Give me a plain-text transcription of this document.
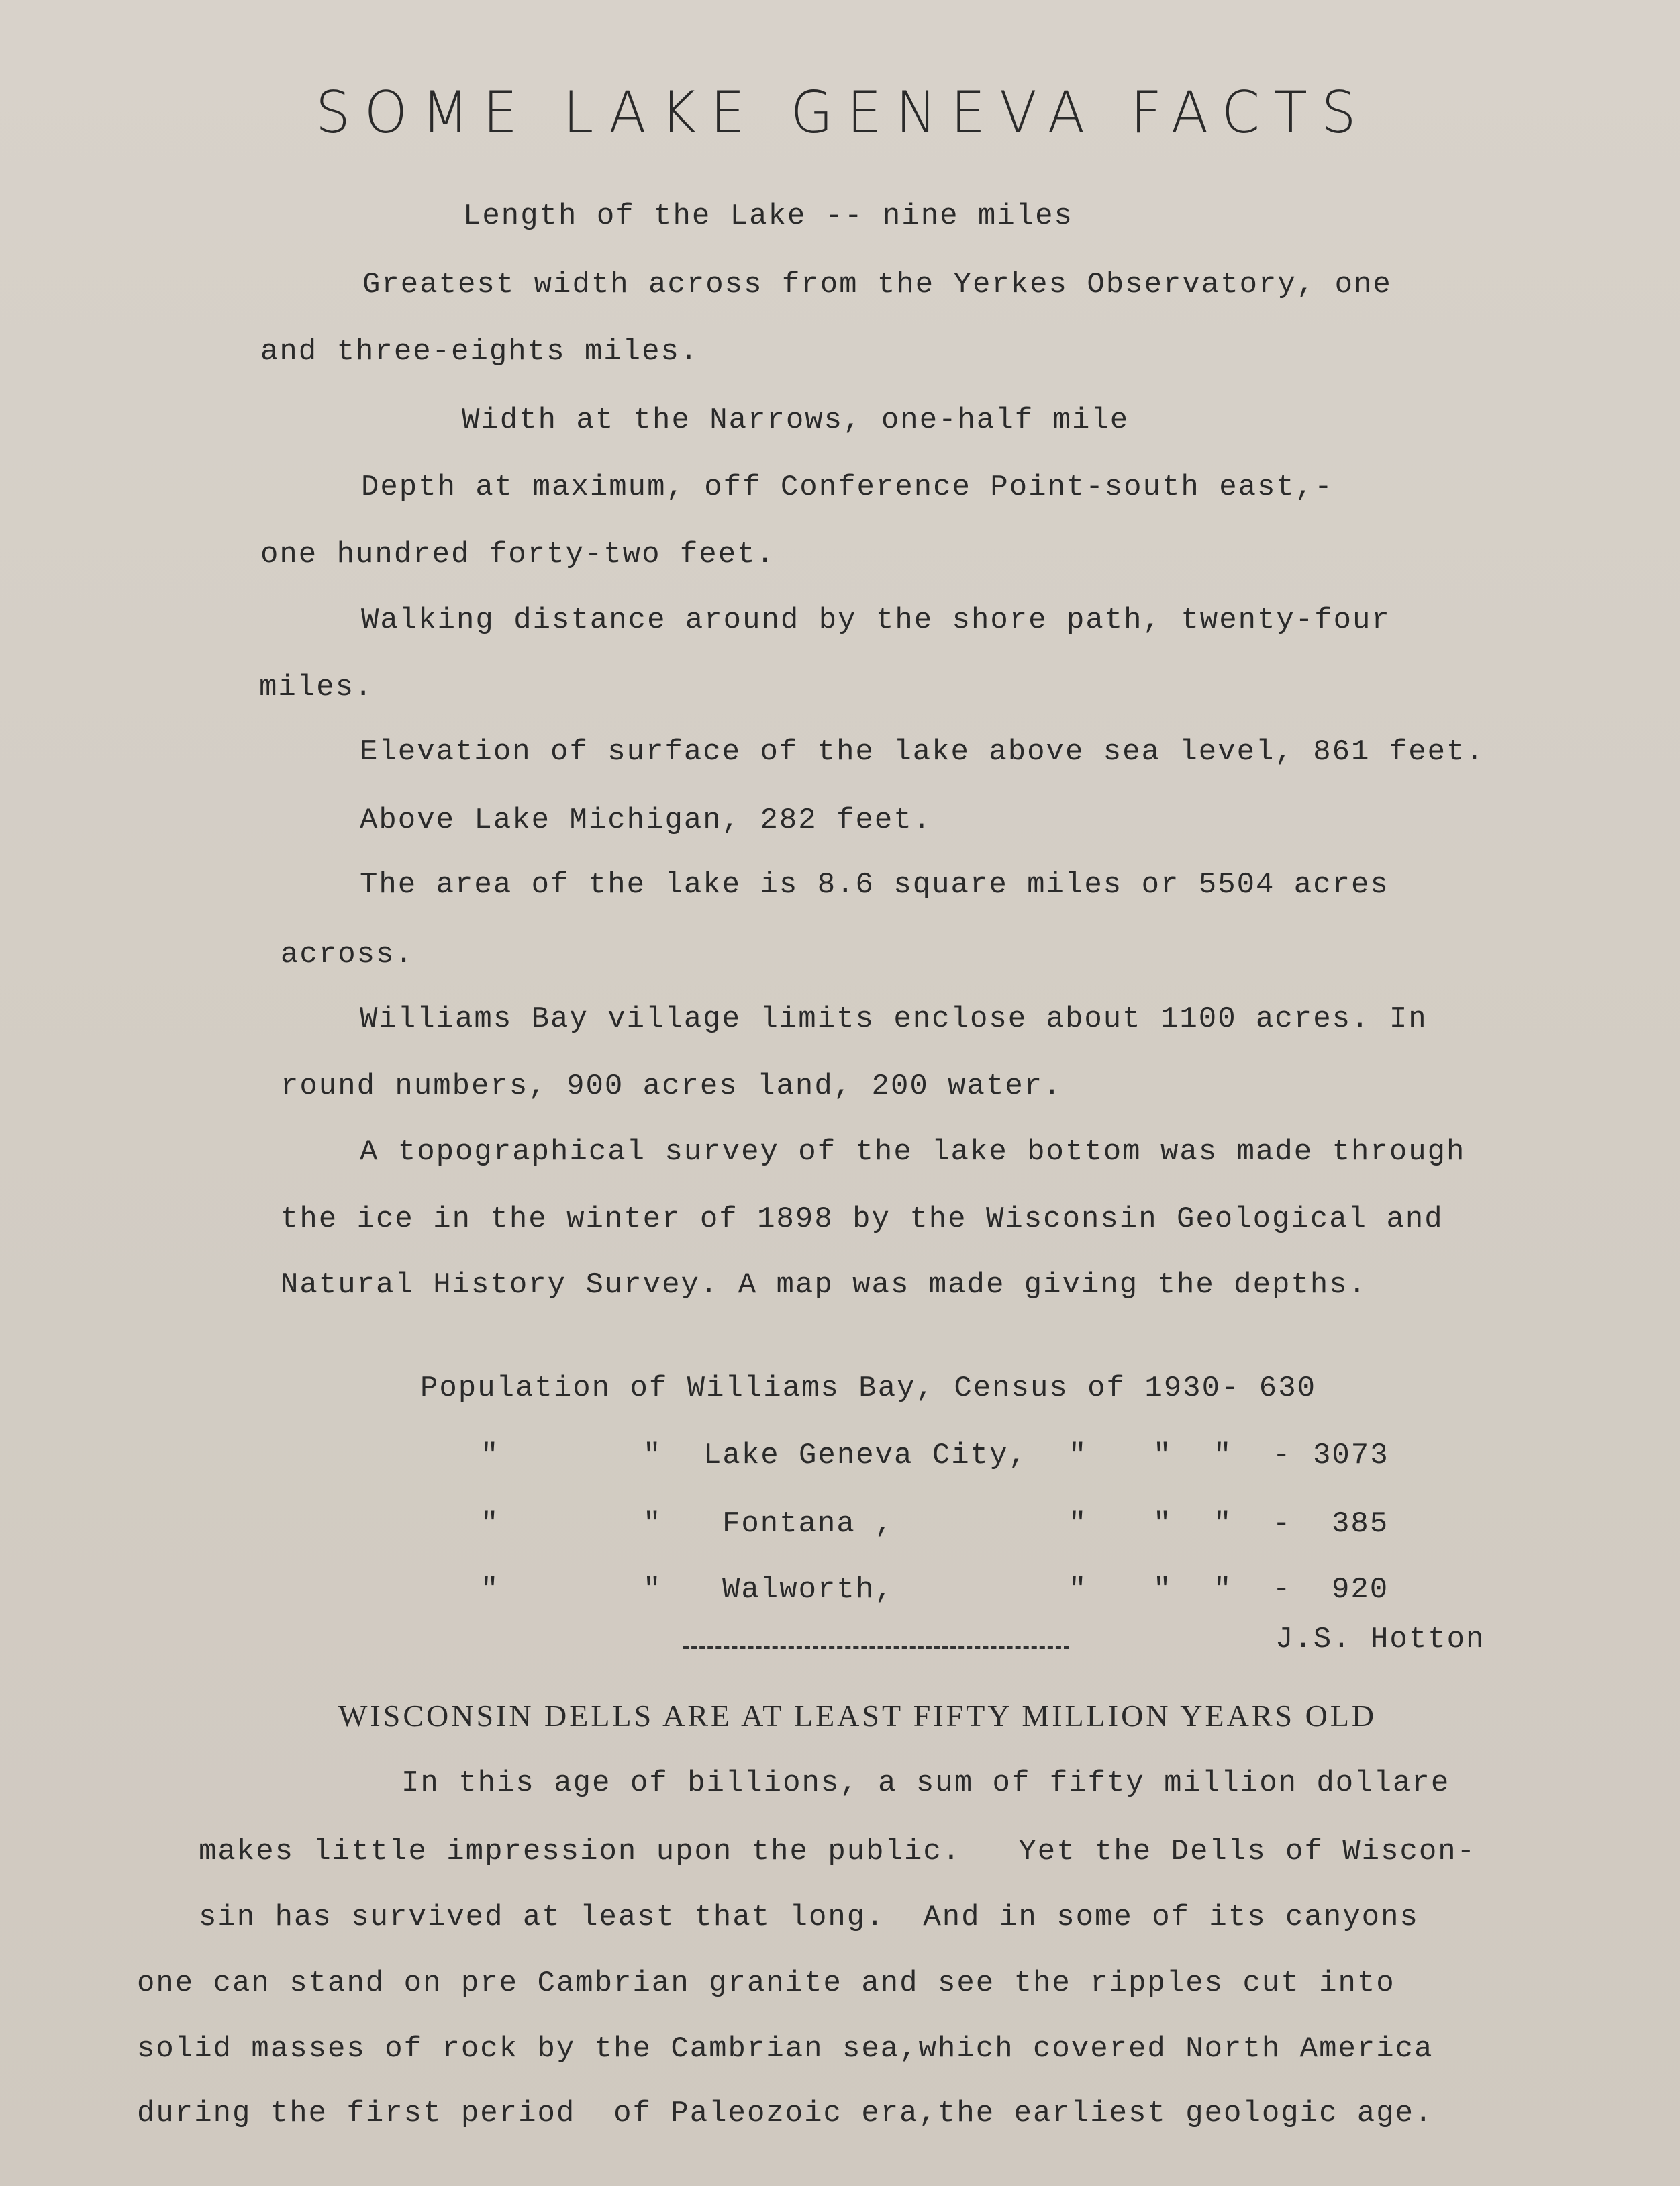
SOME LAKE GENEVA FACTS
Length of the Lake -- nine miles
Greatest width across from the Yerkes Observatory, one
and three-eights miles.
Width at the Narrows, one-half mile
Depth at maximum, off Conference Point-south east,-
one hundred forty-two feet.
Walking distance around by the shore path, twenty-four
miles.
Elevation of surface of the lake above sea level, 861 feet.
Above Lake Michigan, 282 feet.
The area of the lake is 8.6 square miles or 5504 acres
across.
Williams Bay village limits enclose about 1100 acres. In
round numbers, 900 acres land, 200 water.
A topographical survey of the lake bottom was made through
the ice in the winter of 1898 by the Wisconsin Geological and
Natural History Survey. A map was made giving the depths.
Population of Williams Bay, Census of 1930- 630
"	" Lake Geneva City, " " " - 3073
"	" Fontana ,	" " " - 385
"	" Walworth,	" " " - 920
J.S. Hotton
WISCONSIN DELLS ARE AT LEAST FIFTY MILLION YEARS OLD
In this age of billions, a sum of fifty million dollare
makes little impression upon the public.   Yet the Dells of Wiscon-
sin has survived at least that long.  And in some of its canyons
one can stand on pre Cambrian granite and see the ripples cut into
solid masses of rock by the Cambrian sea,which covered North America
during the first period  of Paleozoic era,the earliest geologic age.
